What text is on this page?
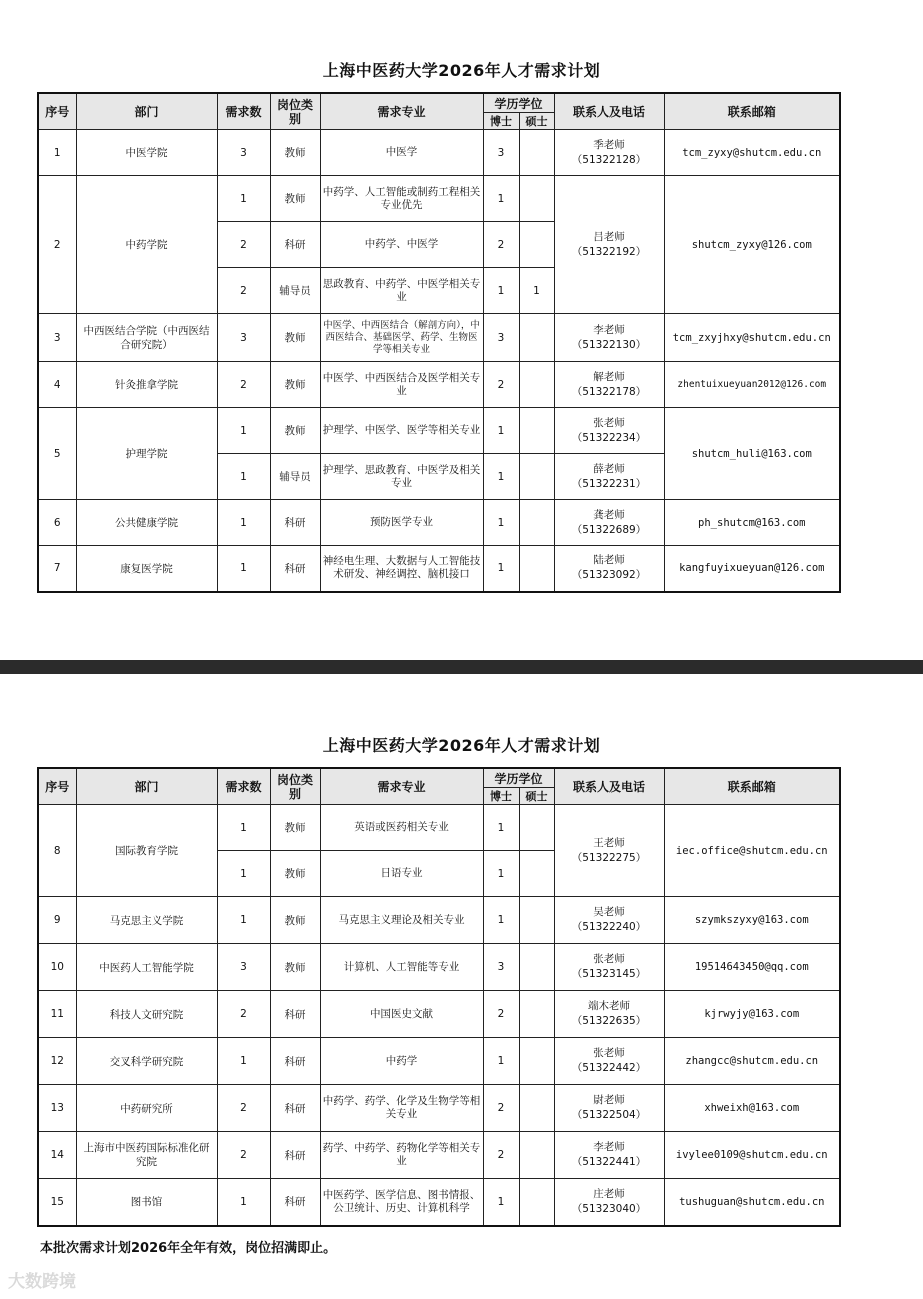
上海中医药大学2026年人才需求计划
序号	部门	需求数	岗位类别	需求专业	学历学位		联系人及电话	联系邮箱
					博士	硕士		
1	中医学院	3	教师	中医学	3		季老师
（51322128）	tcm_zyxy@shutcm.edu.cn
2	中药学院	1	教师	中药学、人工智能或制药工程相关专业优先	1		吕老师
（51322192）	shutcm_zyxy@126.com
		2	科研	中药学、中医学	2			
		2	辅导员	思政教育、中药学、中医学相关专业	1	1		
3	中西医结合学院（中西医结合研究院）	3	教师	中医学、中西医结合（解剖方向），中西医结合、基础医学、药学、生物医学等相关专业	3		李老师
（51322130）	tcm_zxyjhxy@shutcm.edu.cn
4	针灸推拿学院	2	教师	中医学、中西医结合及医学相关专业	2		解老师
（51322178）	zhentuixueyuan2012@126.com
5	护理学院	1	教师	护理学、中医学、医学等相关专业	1		张老师
（51322234）	shutcm_huli@163.com
		1	辅导员	护理学、思政教育、中医学及相关专业	1		薛老师
（51322231）	
6	公共健康学院	1	科研	预防医学专业	1		龚老师
（51322689）	ph_shutcm@163.com
7	康复医学院	1	科研	神经电生理、大数据与人工智能技术研发、神经调控、脑机接口	1		陆老师
（51323092）	kangfuyixueyuan@126.com
上海中医药大学2026年人才需求计划
序号	部门	需求数	岗位类别	需求专业	学历学位		联系人及电话	联系邮箱
					博士	硕士		
8	国际教育学院	1	教师	英语或医药相关专业	1		王老师
（51322275）	iec.office@shutcm.edu.cn
		1	教师	日语专业	1			
9	马克思主义学院	1	教师	马克思主义理论及相关专业	1		吴老师
（51322240）	szymkszyxy@163.com
10	中医药人工智能学院	3	教师	计算机、人工智能等专业	3		张老师
（51323145）	19514643450@qq.com
11	科技人文研究院	2	科研	中国医史文献	2		端木老师
（51322635）	kjrwyjy@163.com
12	交叉科学研究院	1	科研	中药学	1		张老师
（51322442）	zhangcc@shutcm.edu.cn
13	中药研究所	2	科研	中药学、药学、化学及生物学等相关专业	2		尉老师
（51322504）	xhweixh@163.com
14	上海市中医药国际标准化研究院	2	科研	药学、中药学、药物化学等相关专业	2		李老师
（51322441）	ivylee0109@shutcm.edu.cn
15	图书馆	1	科研	中医药学、医学信息、图书情报、公卫统计、历史、计算机科学	1		庄老师
（51323040）	tushuguan@shutcm.edu.cn
本批次需求计划2026年全年有效，岗位招满即止。
大数跨境
